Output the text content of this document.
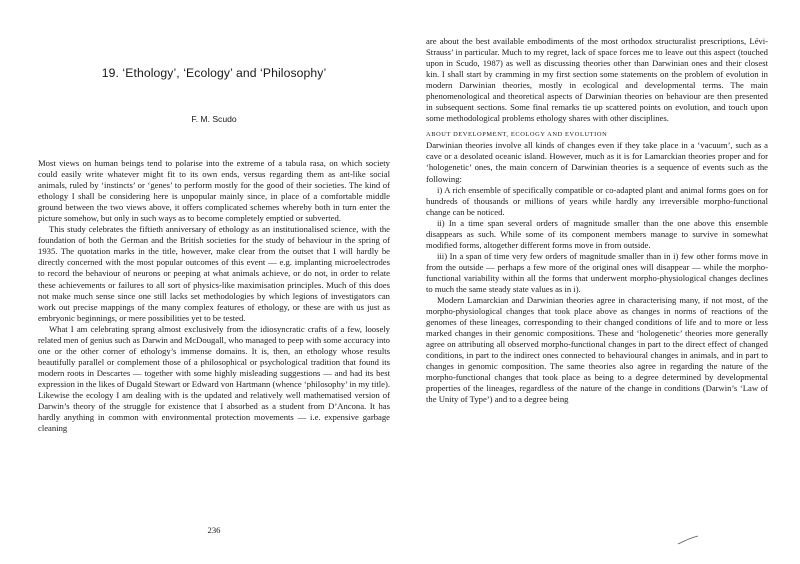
19. ‘Ethology’, ‘Ecology’ and ‘Philosophy’
F. M. Scudo

Most views on human beings tend to polarise into the extreme of a tabula rasa, on which society could easily write whatever might fit to its own ends, versus regarding them as ant-like social animals, ruled by ‘instincts’ or ‘genes’ to perform mostly for the good of their societies. The kind of ethology I shall be considering here is unpopular mainly since, in place of a comfortable middle ground between the two views above, it offers complicated schemes whereby both in turn enter the picture somehow, but only in such ways as to become completely emptied or subverted.

This study celebrates the fiftieth anniversary of ethology as an institutionalised science, with the foundation of both the German and the British societies for the study of behaviour in the spring of 1935. The quotation marks in the title, however, make clear from the outset that I will hardly be directly concerned with the most popular outcomes of this event — e.g. implanting microelectrodes to record the behaviour of neurons or peeping at what animals achieve, or do not, in order to relate these achievements or failures to all sort of physics-like maximisation principles. Much of this does not make much sense since one still lacks set methodologies by which legions of investigators can work out precise mappings of the many complex features of ethology, or these are with us just as embryonic beginnings, or mere possibilities yet to be tested.

What I am celebrating sprang almost exclusively from the idiosyncratic crafts of a few, loosely related men of genius such as Darwin and McDougall, who managed to peep with some accuracy into one or the other corner of ethology’s immense domains. It is, then, an ethology whose results beautifully parallel or complement those of a philosophical or psychological tradition that found its modern roots in Descartes — together with some highly misleading suggestions — and had its best expression in the likes of Dugald Stewart or Edward von Hartmann (whence ‘philosophy’ in my title). Likewise the ecology I am dealing with is the updated and relatively well mathematised version of Darwin’s theory of the struggle for existence that I absorbed as a student from D’Ancona. It has hardly anything in common with environmental protection movements — i.e. expensive garbage cleaning

236

are about the best available embodiments of the most orthodox structuralist prescriptions, Lévi-Strauss’ in particular. Much to my regret, lack of space forces me to leave out this aspect (touched upon in Scudo, 1987) as well as discussing theories other than Darwinian ones and their closest kin. I shall start by cramming in my first section some statements on the problem of evolution in modern Darwinian theories, mostly in ecological and developmental terms. The main phenomenological and theoretical aspects of Darwinian theories on behaviour are then presented in subsequent sections. Some final remarks tie up scattered points on evolution, and touch upon some methodological problems ethology shares with other disciplines.

ABOUT DEVELOPMENT, ECOLOGY AND EVOLUTION

Darwinian theories involve all kinds of changes even if they take place in a ‘vacuum’, such as a cave or a desolated oceanic island. However, much as it is for Lamarckian theories proper and for ‘hologenetic’ ones, the main concern of Darwinian theories is a sequence of events such as the following:

i) A rich ensemble of specifically compatible or co-adapted plant and animal forms goes on for hundreds of thousands or millions of years while hardly any irreversible morpho-functional change can be noticed.

ii) In a time span several orders of magnitude smaller than the one above this ensemble disappears as such. While some of its component members manage to survive in somewhat modified forms, altogether different forms move in from outside.

iii) In a span of time very few orders of magnitude smaller than in i) few other forms move in from the outside — perhaps a few more of the original ones will disappear — while the morpho-functional variability within all the forms that underwent morpho-physiological changes declines to much the same steady state values as in i).

Modern Lamarckian and Darwinian theories agree in characterising many, if not most, of the morpho-physiological changes that took place above as changes in norms of reactions of the genomes of these lineages, corresponding to their changed conditions of life and to more or less marked changes in their genomic compositions. These and ‘hologenetic’ theories more generally agree on attributing all observed morpho-functional changes in part to the direct effect of changed conditions, in part to the indirect ones connected to behavioural changes in animals, and in part to changes in genomic composition. The same theories also agree in regarding the nature of the morpho-functional changes that took place as being to a degree determined by developmental properties of the lineages, regardless of the nature of the change in conditions (Darwin’s ‘Law of the Unity of Type’) and to a degree being
